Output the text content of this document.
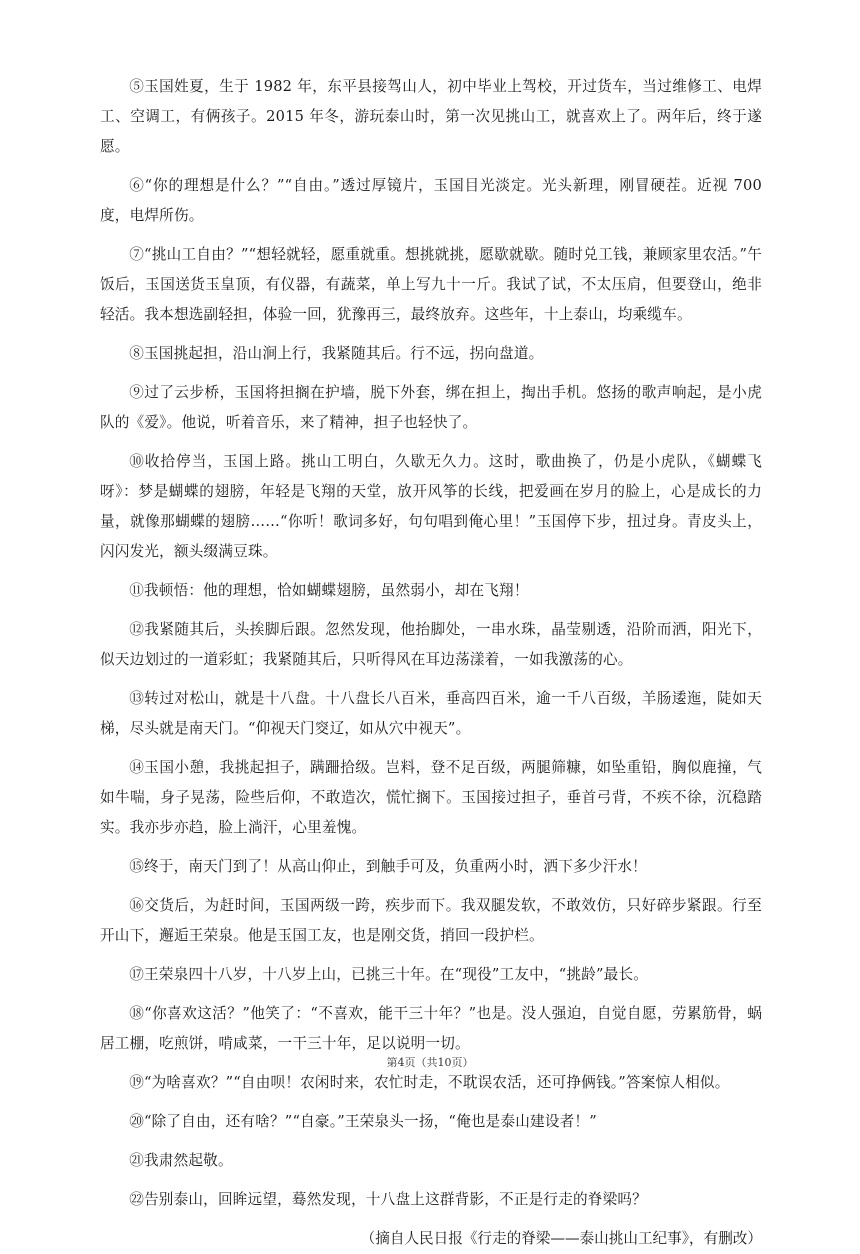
⑤玉国姓夏，生于 1982 年，东平县接驾山人，初中毕业上驾校，开过货车，当过维修工、电焊工、空调工，有俩孩子。2015 年冬，游玩泰山时，第一次见挑山工，就喜欢上了。两年后，终于遂愿。

⑥“你的理想是什么？”“自由。”透过厚镜片，玉国目光淡定。光头新理，刚冒硬茬。近视 700 度，电焊所伤。

⑦“挑山工自由？”“想轻就轻，愿重就重。想挑就挑，愿歇就歇。随时兑工钱，兼顾家里农活。”午饭后，玉国送货玉皇顶，有仪器，有蔬菜，单上写九十一斤。我试了试，不太压肩，但要登山，绝非轻活。我本想选副轻担，体验一回，犹豫再三，最终放弃。这些年，十上泰山，均乘缆车。

⑧玉国挑起担，沿山涧上行，我紧随其后。行不远，拐向盘道。

⑨过了云步桥，玉国将担搁在护墙，脱下外套，绑在担上，掏出手机。悠扬的歌声响起，是小虎队的《爱》。他说，听着音乐，来了精神，担子也轻快了。

⑩收拾停当，玉国上路。挑山工明白，久歇无久力。这时，歌曲换了，仍是小虎队，《蝴蝶飞呀》：梦是蝴蝶的翅膀，年轻是飞翔的天堂，放开风筝的长线，把爱画在岁月的脸上，心是成长的力量，就像那蝴蝶的翅膀……“你听！歌词多好，句句唱到俺心里！”玉国停下步，扭过身。青皮头上，闪闪发光，额头缀满豆珠。

⑪我顿悟：他的理想，恰如蝴蝶翅膀，虽然弱小，却在飞翔！

⑫我紧随其后，头挨脚后跟。忽然发现，他抬脚处，一串水珠，晶莹剔透，沿阶而洒，阳光下，似天边划过的一道彩虹；我紧随其后，只听得风在耳边荡漾着，一如我激荡的心。

⑬转过对松山，就是十八盘。十八盘长八百米，垂高四百米，逾一千八百级，羊肠逶迤，陡如天梯，尽头就是南天门。“仰视天门窔辽，如从穴中视天”。

⑭玉国小憩，我挑起担子，蹒跚拾级。岂料，登不足百级，两腿筛糠，如坠重铅，胸似鹿撞，气如牛喘，身子晃荡，险些后仰，不敢造次，慌忙搁下。玉国接过担子，垂首弓背，不疾不徐，沉稳踏实。我亦步亦趋，脸上淌汗，心里羞愧。

⑮终于，南天门到了！从高山仰止，到触手可及，负重两小时，洒下多少汗水！

⑯交货后，为赶时间，玉国两级一跨，疾步而下。我双腿发软，不敢效仿，只好碎步紧跟。行至开山下，邂逅王荣泉。他是玉国工友，也是刚交货，捎回一段护栏。

⑰王荣泉四十八岁，十八岁上山，已挑三十年。在“现役”工友中，“挑龄”最长。

⑱“你喜欢这活？”他笑了：“不喜欢，能干三十年？”也是。没人强迫，自觉自愿，劳累筋骨，蜗居工棚，吃煎饼，啃咸菜，一干三十年，足以说明一切。

⑲“为啥喜欢？”“自由呗！农闲时来，农忙时走，不耽误农活，还可挣俩钱。”答案惊人相似。

⑳“除了自由，还有啥？”“自豪。”王荣泉头一扬，“俺也是泰山建设者！”

㉑我肃然起敬。

㉒告别泰山，回眸远望，蓦然发现，十八盘上这群背影，不正是行走的脊梁吗？

（摘自人民日报《行走的脊梁——泰山挑山工纪事》，有删改）

第4页（共10页）
